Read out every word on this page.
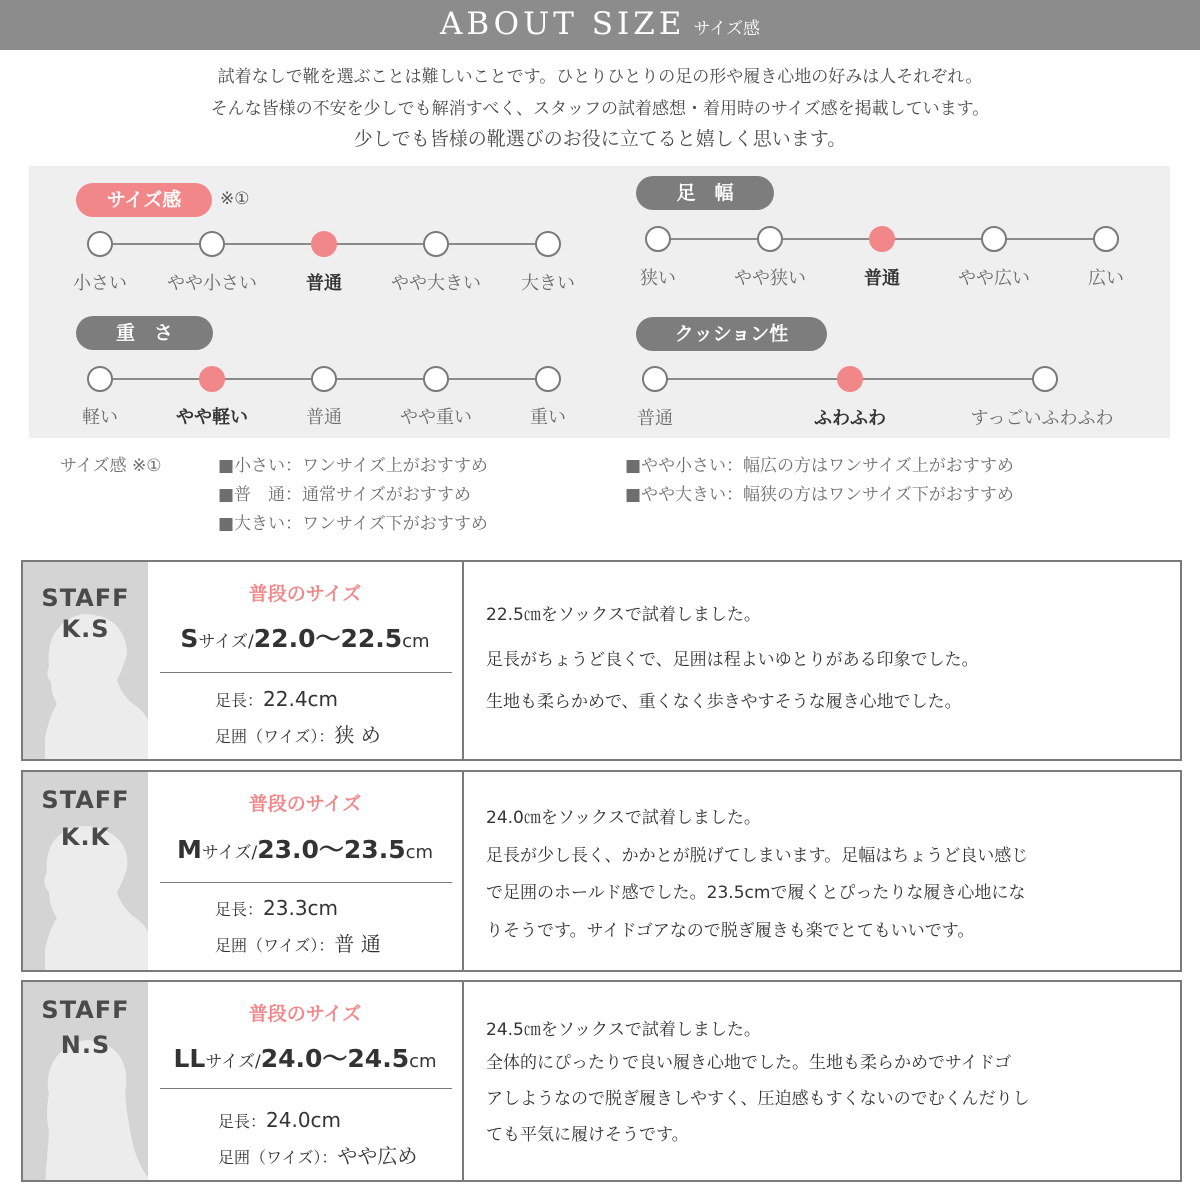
ABOUT SIZE サイズ感
試着なしで靴を選ぶことは難しいことです。ひとりひとりの足の形や履き心地の好みは人それぞれ。
そんな皆様の不安を少しでも解消すべく、スタッフの試着感想・着用時のサイズ感を掲載しています。
少しでも皆様の靴選びのお役に立てると嬉しく思います。
サイズ感	※①
小さい	やや小さい	普通	やや大きい	大きい
足　幅
狭い	やや狭い	普通	やや広い	広い
重　さ
軽い	やや軽い	普通	やや重い	重い
クッション性
普通	ふわふわ	すっごいふわふわ
サイズ感 ※①	■小さい：ワンサイズ上がおすすめ
■普　通：通常サイズがおすすめ
■大きい：ワンサイズ下がおすすめ
■やや小さい：幅広の方はワンサイズ上がおすすめ
■やや大きい：幅狭の方はワンサイズ下がおすすめ
STAFF
K.S
普段のサイズ
Sサイズ/22.0〜22.5cm
足長：22.4cm
足囲（ワイズ）：狭 め
22.5㎝をソックスで試着しました。
足長がちょうど良くで、足囲は程よいゆとりがある印象でした。
生地も柔らかめで、重くなく歩きやすそうな履き心地でした。
STAFF
K.K
普段のサイズ
Mサイズ/23.0〜23.5cm
足長：23.3cm
足囲（ワイズ）：普 通
24.0㎝をソックスで試着しました。
足長が少し長く、かかとが脱げてしまいます。足幅はちょうど良い感じ
で足囲のホールド感でした。23.5cmで履くとぴったりな履き心地にな
りそうです。サイドゴアなので脱ぎ履きも楽でとてもいいです。
STAFF
N.S
普段のサイズ
LLサイズ/24.0〜24.5cm
足長：24.0cm
足囲（ワイズ）：やや広め
24.5㎝をソックスで試着しました。
全体的にぴったりで良い履き心地でした。生地も柔らかめでサイドゴ
アしようなので脱ぎ履きしやすく、圧迫感もすくないのでむくんだりし
ても平気に履けそうです。
